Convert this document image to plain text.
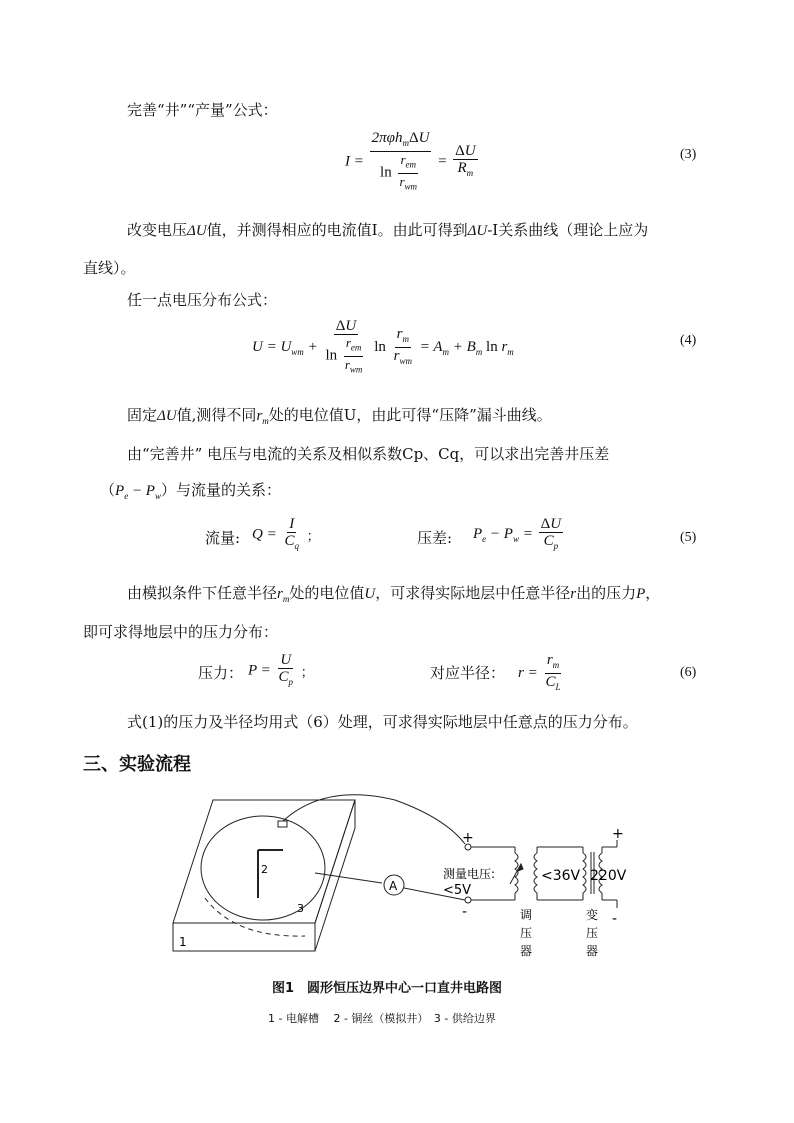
完善“井”“产量”公式：
$I = \frac{2\pi\varphi h_m\Delta U}{\ln \frac{r_{em}}{r_{wm}}} = \frac{\Delta U}{R_m}$	(3)
改变电压ΔU值，并测得相应的电流值I。由此可得到ΔU-I关系曲线（理论上应为
直线）。
任一点电压分布公式：
$U = U_{wm} + \frac{\Delta U}{\ln \frac{r_{em}}{r_{wm}}}$ $\ln \frac{r_m}{r_{wm}} = A_m + B_m$ $\ln r_m$
(4)
固定ΔU值,测得不同$r_m$处的电位值U，由此可得“压降”漏斗曲线。
由“完善井” 电压与电流的关系及相似系数Cp、Cq，可以求出完善井压差
$(P_e - P_w)$与流量的关系：
流量: $Q = \frac{I}{C_q}$ ；	压差: $P_e - P_w = \frac{\Delta U}{C_p}$	(5)
由模拟条件下任意半径$r_m$处的电位值U，可求得实际地层中任意半径r出的压力P，
即可求得地层中的压力分布：
压力： $P = \frac{U}{C_p}$ ；	对应半径： $r = \frac{r_m}{C_L}$	(6)
式(1)的压力及半径均用式（6）处理，可求得实际地层中任意点的压力分布。
三、实验流程
1
2
3
A
+
-
测量电压:
<5V
<36V
+
220V
-
调
压
器
变
压
器
图1　圆形恒压边界中心一口直井电路图
1 - 电解槽　 2 - 铜丝（模拟井）　3 - 供给边界
